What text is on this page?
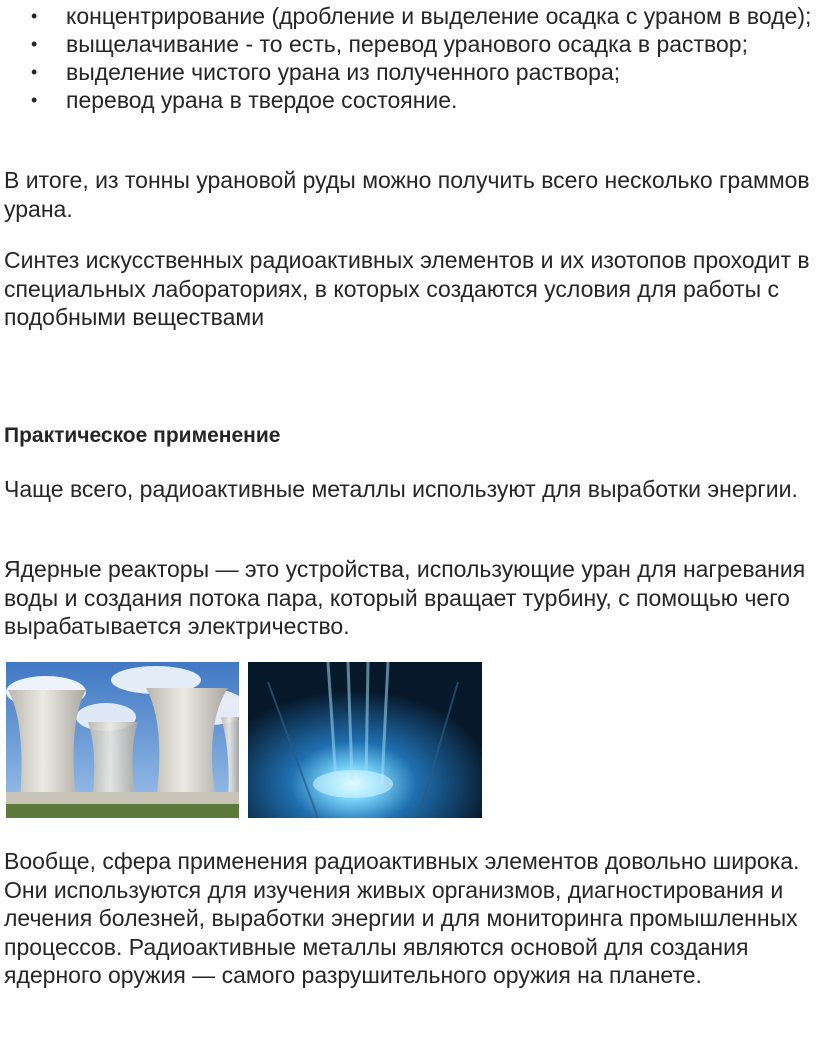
• концентрирование (дробление и выделение осадка с ураном в воде);
• выщелачивание - то есть, перевод уранового осадка в раствор;
• выделение чистого урана из полученного раствора;
• перевод урана в твердое состояние.

В итоге, из тонны урановой руды можно получить всего несколько граммов урана.

Синтез искусственных радиоактивных элементов и их изотопов проходит в специальных лабораториях, в которых создаются условия для работы с подобными веществами

Практическое применение

Чаще всего, радиоактивные металлы используют для выработки энергии.

Ядерные реакторы — это устройства, использующие уран для нагревания воды и создания потока пара, который вращает турбину, с помощью чего вырабатывается электричество.

Вообще, сфера применения радиоактивных элементов довольно широка. Они используются для изучения живых организмов, диагностирования и лечения болезней, выработки энергии и для мониторинга промышленных процессов. Радиоактивные металлы являются основой для создания ядерного оружия — самого разрушительного оружия на планете.
